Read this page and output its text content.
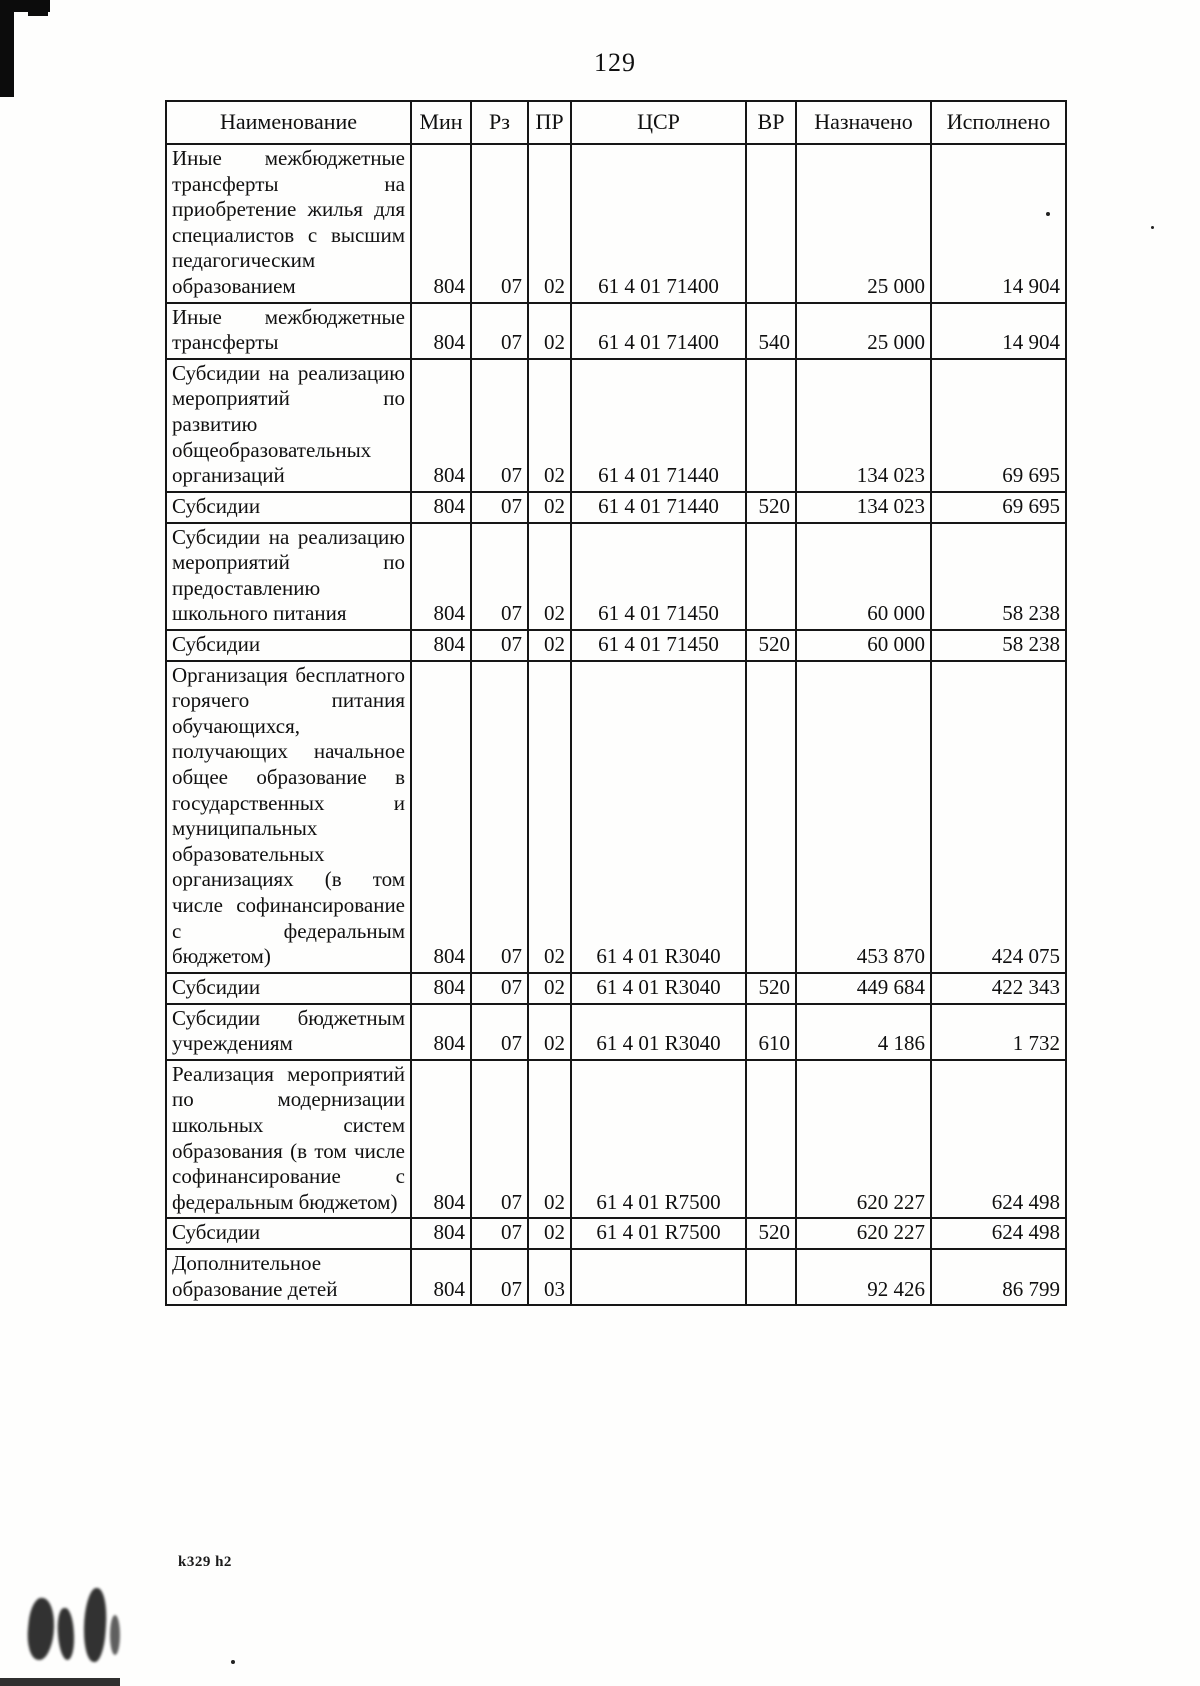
129
Наименование	Мин	Рз	ПР	ЦСР	ВР	Назначено	Исполнено
Иные межбюджетные трансферты на приобретение жилья для специалистов с высшим педагогическим образованием	804	07	02	61 4 01 71400		25 000	14 904
Иные межбюджетные трансферты	804	07	02	61 4 01 71400	540	25 000	14 904
Субсидии на реализацию мероприятий по развитию общеобразовательных организаций	804	07	02	61 4 01 71440		134 023	69 695
Субсидии	804	07	02	61 4 01 71440	520	134 023	69 695
Субсидии на реализацию мероприятий по предоставлению школьного питания	804	07	02	61 4 01 71450		60 000	58 238
Субсидии	804	07	02	61 4 01 71450	520	60 000	58 238
Организация бесплатного горячего питания обучающихся, получающих начальное общее образование в государственных и муниципальных образовательных организациях (в том числе софинансирование с федеральным бюджетом)	804	07	02	61 4 01 R3040		453 870	424 075
Субсидии	804	07	02	61 4 01 R3040	520	449 684	422 343
Субсидии бюджетным учреждениям	804	07	02	61 4 01 R3040	610	4 186	1 732
Реализация мероприятий по модернизации школьных систем образования (в том числе софинансирование с федеральным бюджетом)	804	07	02	61 4 01 R7500		620 227	624 498
Субсидии	804	07	02	61 4 01 R7500	520	620 227	624 498
Дополнительное образование детей	804	07	03			92 426	86 799
k329 h2
